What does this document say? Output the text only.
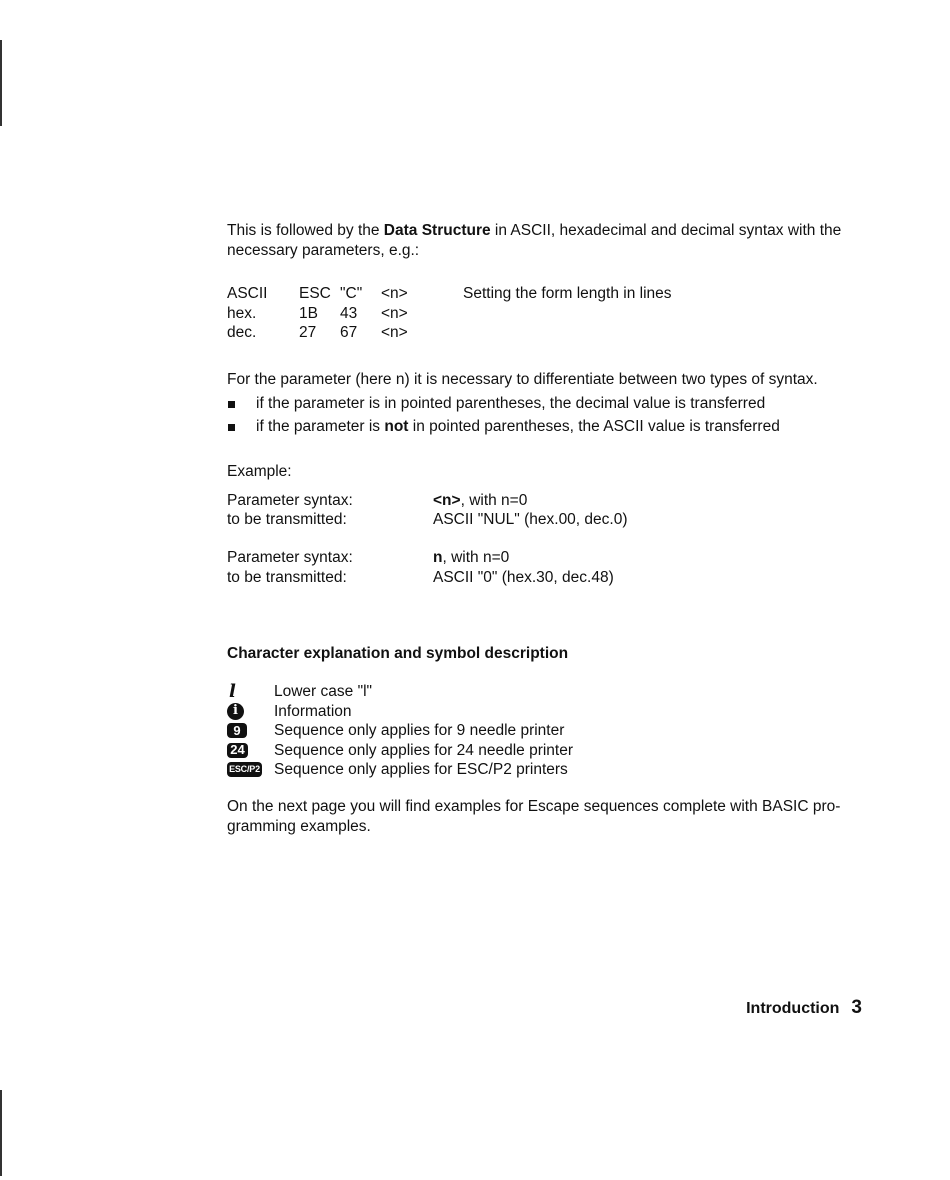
This is followed by the Data Structure in ASCII, hexadecimal and decimal syntax with the necessary parameters, e.g.:

ASCII ESC "C" <n>	Setting the form length in lines
hex.	1B 43 <n>
dec.	27 67 <n>

For the parameter (here n) it is necessary to differentiate between two types of syntax.

if the parameter is in pointed parentheses, the decimal value is transferred
if the parameter is not in pointed parentheses, the ASCII value is transferred
Example:
Parameter syntax:	<n>, with n=0
to be transmitted:	ASCII "NUL" (hex.00, dec.0)
Parameter syntax:	n, with n=0
to be transmitted:	ASCII "0" (hex.30, dec.48)
Character explanation and symbol description
l Lower case "l"
i	Information
9	Sequence only applies for 9 needle printer
24 Sequence only applies for 24 needle printer
ESC/P2 Sequence only applies for ESC/P2 printers
On the next page you will find examples for Escape sequences complete with BASIC pro-gramming examples.
Introduction 3
